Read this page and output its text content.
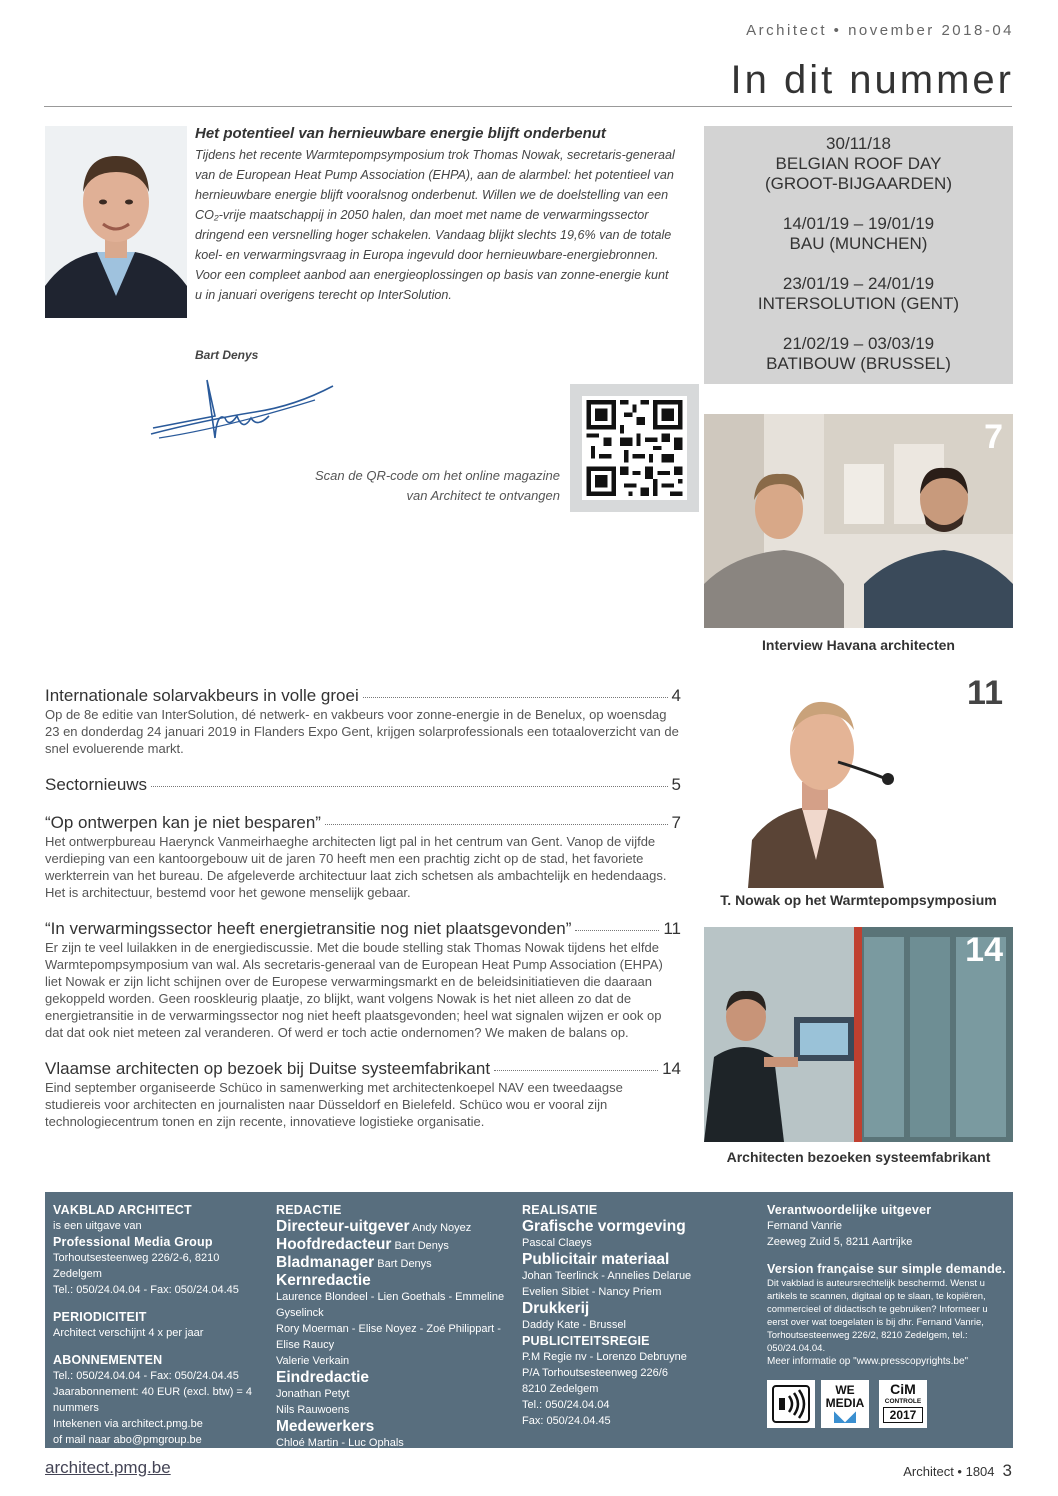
Architect • november 2018-04
In dit nummer
Het potentieel van hernieuwbare energie blijft onderbenut

Tijdens het recente Warmtepompsymposium trok Thomas Nowak, secretaris-generaal van de European Heat Pump Association (EHPA), aan de alarmbel: het potentieel van hernieuwbare energie blijft vooralsnog onderbenut. Willen we de doelstelling van een CO₂-vrije maatschappij in 2050 halen, dan moet met name de verwarmingssector dringend een versnelling hoger schakelen. Vandaag blijkt slechts 19,6% van de totale koel- en verwarmingsvraag in Europa ingevuld door hernieuwbare-energiebronnen.

Voor een compleet aanbod aan energieoplossingen op basis van zonne-energie kunt u in januari overigens terecht op InterSolution.

Bart Denys
Scan de QR-code om het online magazine van Architect te ontvangen
30/11/18
BELGIAN ROOF DAY
(GROOT-BIJGAARDEN)
14/01/19 – 19/01/19
BAU (MUNCHEN)
23/01/19 – 24/01/19
INTERSOLUTION (GENT)
21/02/19 – 03/03/19
BATIBOUW (BRUSSEL)
7
Interview Havana architecten
11
T. Nowak op het Warmtepompsymposium
14
Architecten bezoeken systeemfabrikant
Internationale solarvakbeurs in volle groei	4
Op de 8e editie van InterSolution, dé netwerk- en vakbeurs voor zonne-energie in de Benelux, op woensdag 23 en donderdag 24 januari 2019 in Flanders Expo Gent, krijgen solarprofessionals een totaaloverzicht van de snel evoluerende markt.
Sectornieuws	5
“Op ontwerpen kan je niet besparen”	7
Het ontwerpbureau Haerynck Vanmeirhaeghe architecten ligt pal in het centrum van Gent. Vanop de vijfde verdieping van een kantoorgebouw uit de jaren 70 heeft men een prachtig zicht op de stad, het favoriete werkterrein van het bureau. De afgeleverde architectuur laat zich schetsen als ambachtelijk en hedendaags. Het is architectuur, bestemd voor het gewone menselijk gebaar.
“In verwarmingssector heeft energietransitie nog niet plaatsgevonden”	11
Er zijn te veel luilakken in de energiediscussie. Met die boude stelling stak Thomas Nowak tijdens het elfde Warmtepompsymposium van wal. Als secretaris-generaal van de European Heat Pump Association (EHPA) liet Nowak er zijn licht schijnen over de Europese verwarmingsmarkt en de beleidsinitiatieven die daaraan gekoppeld worden. Geen rooskleurig plaatje, zo blijkt, want volgens Nowak is het niet alleen zo dat de energietransitie in de verwarmingssector nog niet heeft plaatsgevonden; heel wat signalen wijzen er ook op dat dat ook niet meteen zal veranderen. Of werd er toch actie ondernomen? We maken de balans op.
Vlaamse architecten op bezoek bij Duitse systeemfabrikant	14
Eind september organiseerde Schüco in samenwerking met architectenkoepel NAV een tweedaagse studiereis voor architecten en journalisten naar Düsseldorf en Bielefeld. Schüco wou er vooral zijn technologiecentrum tonen en zijn recente, innovatieve logistieke organisatie.
VAKBLAD ARCHITECT
is een uitgave van
Professional Media Group
Torhoutsesteenweg 226/2-6, 8210 Zedelgem
Tel.: 050/24.04.04 - Fax: 050/24.04.45
PERIODICITEIT
Architect verschijnt 4 x per jaar
ABONNEMENTEN
Tel.: 050/24.04.04 - Fax: 050/24.04.45
Jaarabonnement: 40 EUR (excl. btw) = 4 nummers
Intekenen via architect.pmg.be
of mail naar abo@pmgroup.be
REDACTIE
Directeur-uitgever Andy Noyez
Hoofdredacteur Bart Denys
Bladmanager Bart Denys
Kernredactie
Laurence Blondeel - Lien Goethals - Emmeline Gyselinck
Rory Moerman - Elise Noyez - Zoé Philippart - Elise Raucy
Valerie Verkain
Eindredactie
Jonathan Petyt
Nils Rauwoens
Medewerkers
Chloé Martin - Luc Ophals
Tim Vanhove - Philip Willaert
REALISATIE
Grafische vormgeving
Pascal Claeys
Publicitair materiaal
Johan Teerlinck - Annelies Delarue
Evelien Sibiet - Nancy Priem
Drukkerij
Daddy Kate - Brussel
PUBLICITEITSREGIE
P.M Regie nv - Lorenzo Debruyne
P/A Torhoutsesteenweg 226/6
8210 Zedelgem
Tel.: 050/24.04.04
Fax: 050/24.04.45
Verantwoordelijke uitgever
Fernand Vanrie
Zeeweg Zuid 5, 8211 Aartrijke
Version française sur simple demande.
Dit vakblad is auteursrechtelijk beschermd. Wenst u artikels te scannen, digitaal op te slaan, te kopiëren, commercieel of didactisch te gebruiken? Informeer u eerst over wat toegelaten is bij dhr. Fernand Vanrie, Torhoutsesteenweg 226/2, 8210 Zedelgem, tel.: 050/24.04.04.
Meer informatie op "www.presscopyrights.be"
WE
MEDIA
◣◢
CiM
CONTROLE
2017
architect.pmg.be	Architect • 1804 3
